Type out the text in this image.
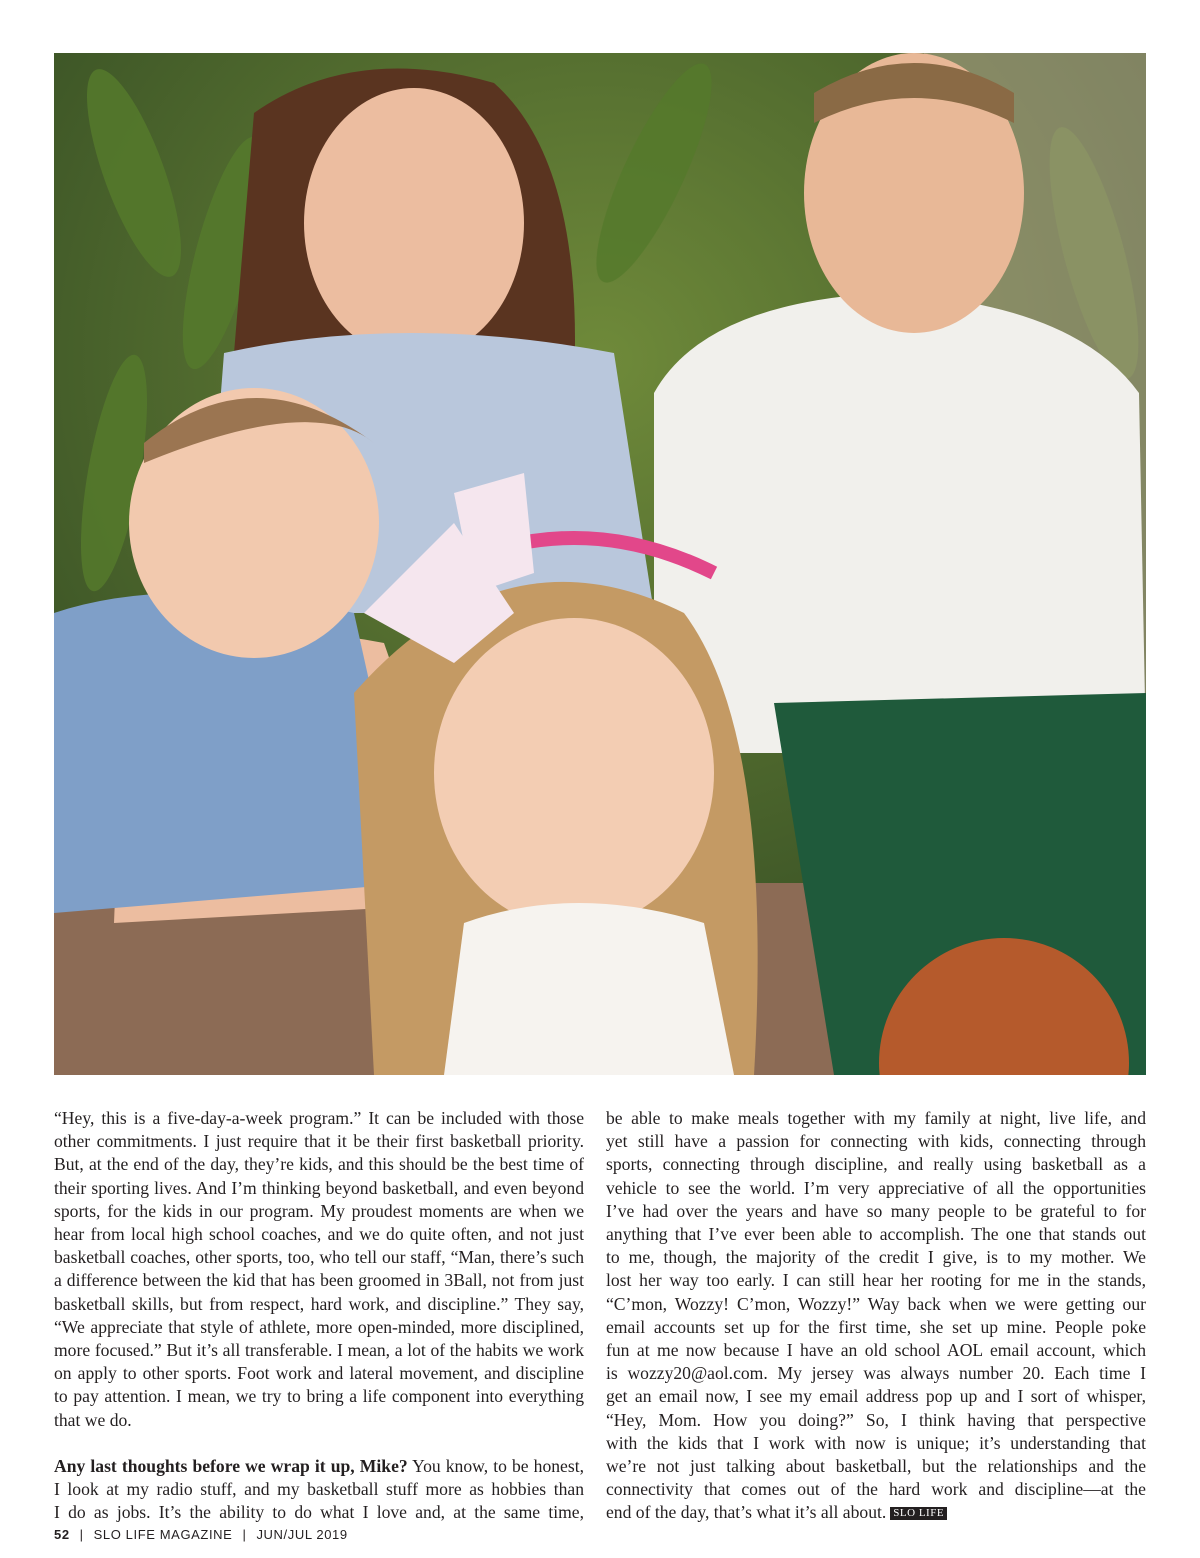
“Hey, this is a five-day-a-week program.” It can be included with those
other commitments. I just require that it be their first basketball priority.
But, at the end of the day, they’re kids, and this should be the best time of
their sporting lives. And I’m thinking beyond basketball, and even beyond
sports, for the kids in our program. My proudest moments are when we
hear from local high school coaches, and we do quite often, and not just
basketball coaches, other sports, too, who tell our staff, “Man, there’s such
a difference between the kid that has been groomed in 3Ball, not from just
basketball skills, but from respect, hard work, and discipline.” They say,
“We appreciate that style of athlete, more open-minded, more disciplined,
more focused.” But it’s all transferable. I mean, a lot of the habits we work
on apply to other sports. Foot work and lateral movement, and discipline
to pay attention. I mean, we try to bring a life component into everything
that we do.

Any last thoughts before we wrap it up, Mike? You know, to be honest,
I look at my radio stuff, and my basketball stuff more as hobbies than
I do as jobs. It’s the ability to do what I love and, at the same time,

be able to make meals together with my family at night, live life, and
yet still have a passion for connecting with kids, connecting through
sports, connecting through discipline, and really using basketball as a
vehicle to see the world. I’m very appreciative of all the opportunities
I’ve had over the years and have so many people to be grateful to for
anything that I’ve ever been able to accomplish. The one that stands out
to me, though, the majority of the credit I give, is to my mother. We
lost her way too early. I can still hear her rooting for me in the stands,
“C’mon, Wozzy! C’mon, Wozzy!” Way back when we were getting our
email accounts set up for the first time, she set up mine. People poke
fun at me now because I have an old school AOL email account, which
is wozzy20@aol.com. My jersey was always number 20. Each time I
get an email now, I see my email address pop up and I sort of whisper,
“Hey, Mom. How you doing?” So, I think having that perspective
with the kids that I work with now is unique; it’s understanding that
we’re not just talking about basketball, but the relationships and the
connectivity that comes out of the hard work and discipline—at the
end of the day, that’s what it’s all about. SLO LIFE

52 | SLO LIFE MAGAZINE | JUN/JUL 2019
